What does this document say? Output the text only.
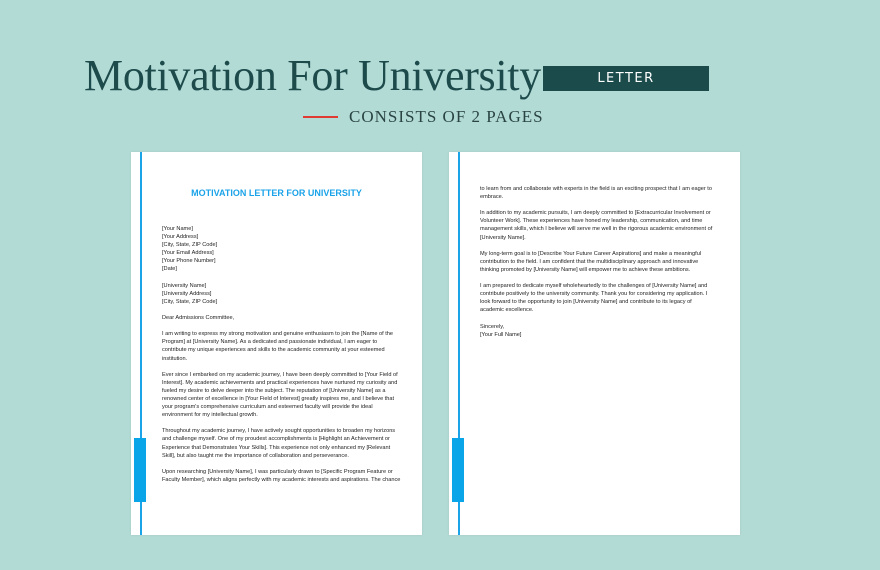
Motivation For University	LETTER
CONSISTS OF 2 PAGES
MOTIVATION LETTER FOR UNIVERSITY
[Your Name]
[Your Address]
[City, State, ZIP Code]
[Your Email Address]
[Your Phone Number]
[Date]
[University Name]
[University Address]
[City, State, ZIP Code]
Dear Admissions Committee,
I am writing to express my strong motivation and genuine enthusiasm to join the [Name of the
Program] at [University Name]. As a dedicated and passionate individual, I am eager to
contribute my unique experiences and skills to the academic community at your esteemed
institution.
Ever since I embarked on my academic journey, I have been deeply committed to [Your Field of
Interest]. My academic achievements and practical experiences have nurtured my curiosity and
fueled my desire to delve deeper into the subject. The reputation of [University Name] as a
renowned center of excellence in [Your Field of Interest] greatly inspires me, and I believe that
your program's comprehensive curriculum and esteemed faculty will provide the ideal
environment for my intellectual growth.
Throughout my academic journey, I have actively sought opportunities to broaden my horizons
and challenge myself. One of my proudest accomplishments is [Highlight an Achievement or
Experience that Demonstrates Your Skills]. This experience not only enhanced my [Relevant
Skill], but also taught me the importance of collaboration and perseverance.
Upon researching [University Name], I was particularly drawn to [Specific Program Feature or
Faculty Member], which aligns perfectly with my academic interests and aspirations. The chance
to learn from and collaborate with experts in the field is an exciting prospect that I am eager to
embrace.
In addition to my academic pursuits, I am deeply committed to [Extracurricular Involvement or
Volunteer Work]. These experiences have honed my leadership, communication, and time
management skills, which I believe will serve me well in the rigorous academic environment of
[University Name].
My long-term goal is to [Describe Your Future Career Aspirations] and make a meaningful
contribution to the field. I am confident that the multidisciplinary approach and innovative
thinking promoted by [University Name] will empower me to achieve these ambitions.
I am prepared to dedicate myself wholeheartedly to the challenges of [University Name] and
contribute positively to the university community. Thank you for considering my application. I
look forward to the opportunity to join [University Name] and contribute to its legacy of
academic excellence.
Sincerely,
[Your Full Name]
